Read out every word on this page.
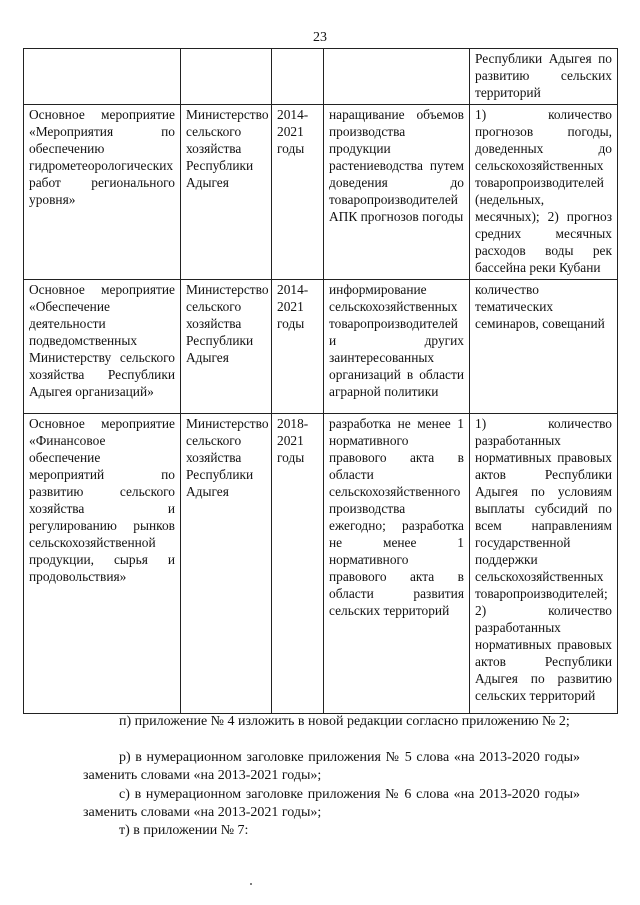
23
				Республики Адыгея по развитию сельских территорий
Основное мероприятие «Мероприятия по обеспечению гидрометеорологических работ регионального уровня»	Министерство сельского хозяйства Республики Адыгея	2014-2021 годы	наращивание объемов производства продукции растениеводства путем доведения до товаропроизводителей АПК прогнозов погоды	1) количество прогнозов погоды, доведенных до сельскохозяйственных товаропроизводителей (недельных, месячных); 2) прогноз средних месячных расходов воды рек бассейна реки Кубани
Основное мероприятие «Обеспечение деятельности подведомственных Министерству сельского хозяйства Республики Адыгея организаций»	Министерство сельского хозяйства Республики Адыгея	2014-2021 годы	информирование сельскохозяйственных товаропроизводителей и других заинтересованных организаций в области аграрной политики	количество тематических семинаров, совещаний
Основное мероприятие «Финансовое обеспечение мероприятий по развитию сельского хозяйства и регулированию рынков сельскохозяйственной продукции, сырья и продовольствия»	Министерство сельского хозяйства Республики Адыгея	2018-2021 годы	разработка не менее 1 нормативного правового акта в области сельскохозяйственного производства ежегодно; разработка не менее 1 нормативного правового акта в области развития сельских территорий	1) количество разработанных нормативных правовых актов Республики Адыгея по условиям выплаты субсидий по всем направлениям государственной поддержки сельскохозяйственных товаропроизводителей; 2) количество разработанных нормативных правовых актов Республики Адыгея по развитию сельских территорий

п) приложение № 4 изложить в новой редакции согласно приложению № 2;

р) в нумерационном заголовке приложения № 5 слова «на 2013-2020 годы» заменить словами «на 2013-2021 годы»;

с) в нумерационном заголовке приложения № 6 слова «на 2013-2020 годы» заменить словами «на 2013-2021 годы»;

т) в приложении № 7:
